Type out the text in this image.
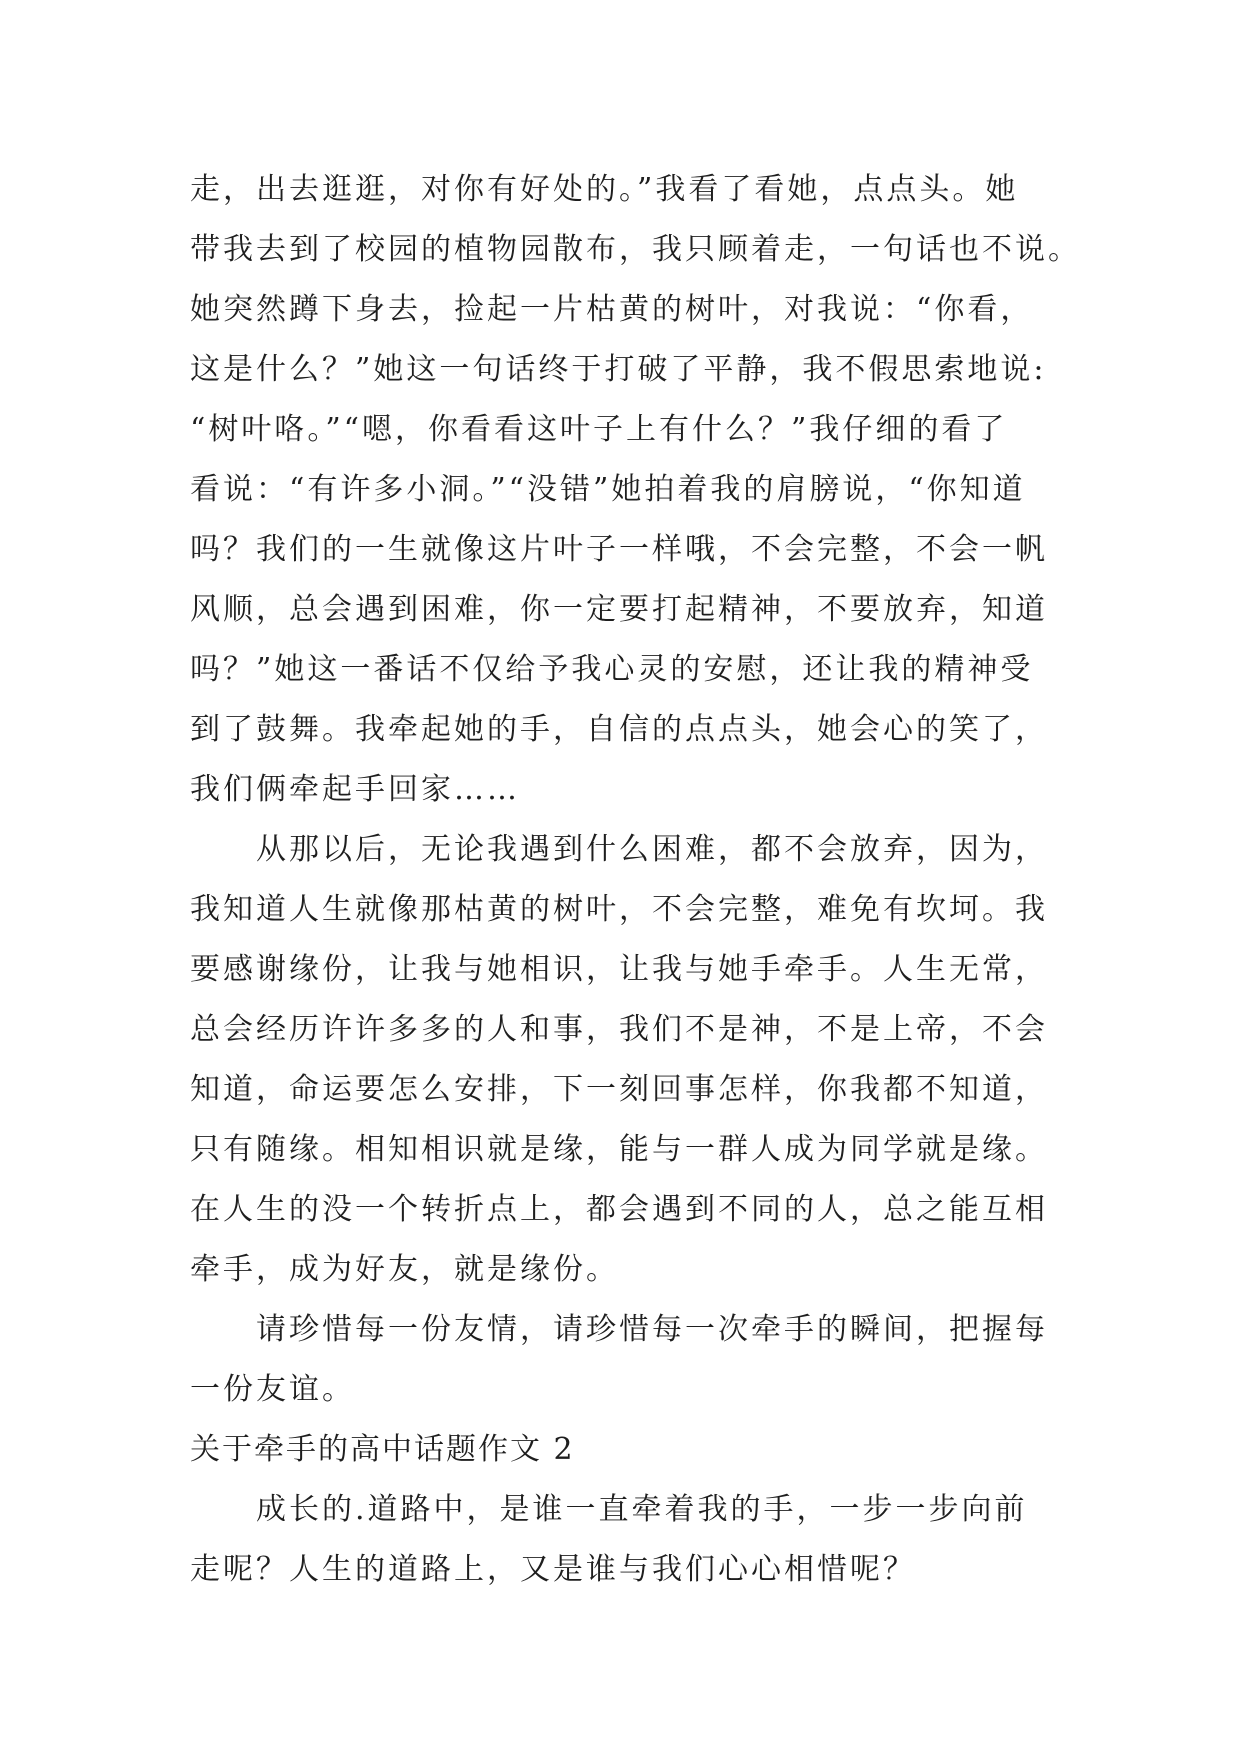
走，出去逛逛，对你有好处的。”我看了看她，点点头。她
带我去到了校园的植物园散布，我只顾着走，一句话也不说。
她突然蹲下身去，捡起一片枯黄的树叶，对我说：“你看，
这是什么？”她这一句话终于打破了平静，我不假思索地说:
“树叶咯。”“嗯，你看看这叶子上有什么？”我仔细的看了
看说：“有许多小洞。”“没错”她拍着我的肩膀说，“你知道
吗？我们的一生就像这片叶子一样哦，不会完整，不会一帆
风顺，总会遇到困难，你一定要打起精神，不要放弃，知道
吗？”她这一番话不仅给予我心灵的安慰，还让我的精神受
到了鼓舞。我牵起她的手，自信的点点头，她会心的笑了，
我们俩牵起手回家……
从那以后，无论我遇到什么困难，都不会放弃，因为，
我知道人生就像那枯黄的树叶，不会完整，难免有坎坷。我
要感谢缘份，让我与她相识，让我与她手牵手。人生无常，
总会经历许许多多的人和事，我们不是神，不是上帝，不会
知道，命运要怎么安排，下一刻回事怎样，你我都不知道，
只有随缘。相知相识就是缘，能与一群人成为同学就是缘。
在人生的没一个转折点上，都会遇到不同的人，总之能互相
牵手，成为好友，就是缘份。
请珍惜每一份友情，请珍惜每一次牵手的瞬间，把握每
一份友谊。
关于牵手的高中话题作文 2
成长的.道路中，是谁一直牵着我的手，一步一步向前
走呢？人生的道路上，又是谁与我们心心相惜呢？
